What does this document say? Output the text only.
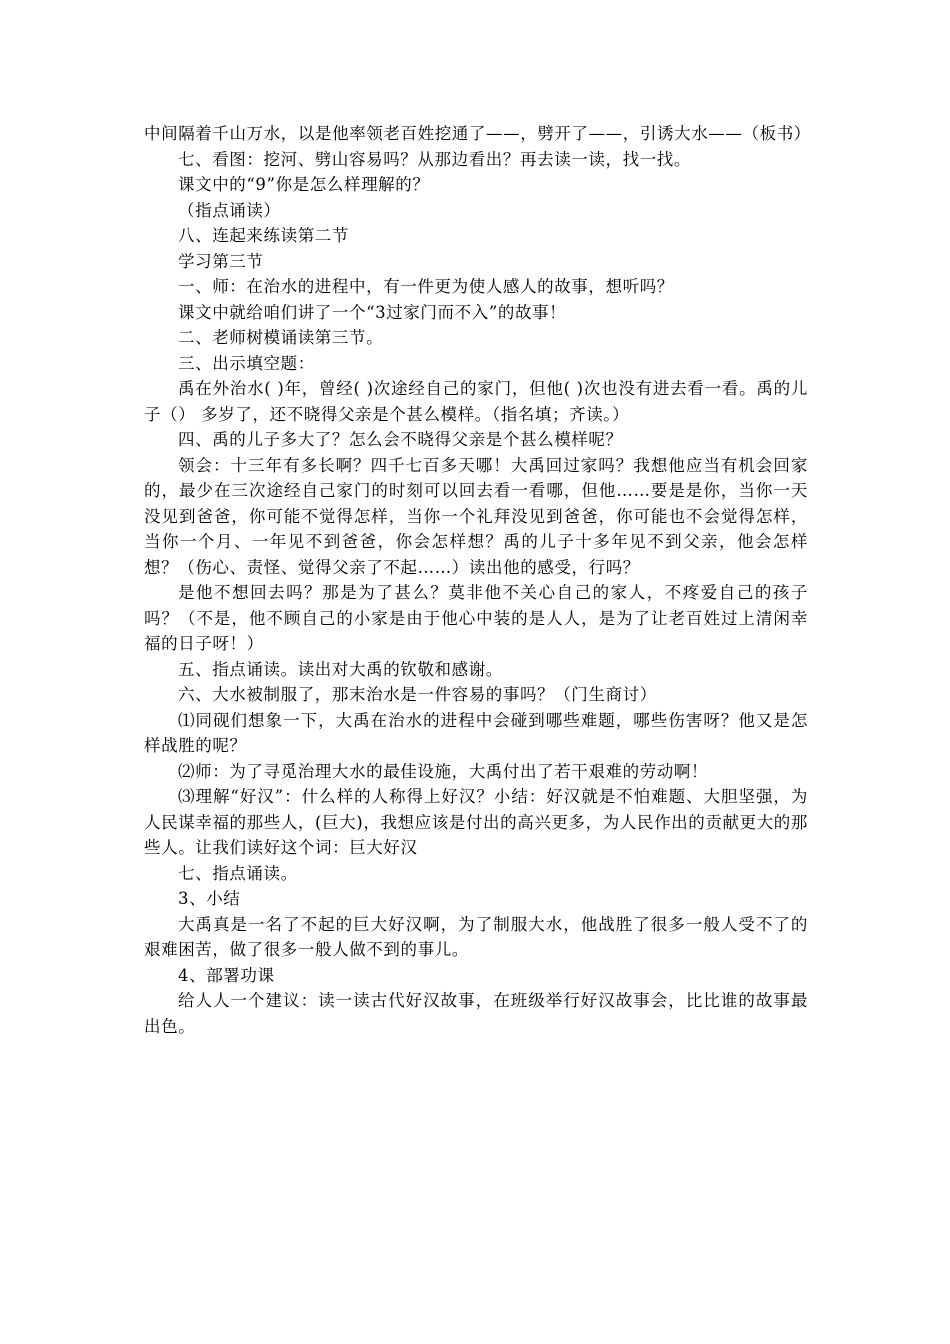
中间隔着千山万水，以是他率领老百姓挖通了——，劈开了——，引诱大水——（板书）

七、看图：挖河、劈山容易吗？从那边看出？再去读一读，找一找。

课文中的“9”你是怎么样理解的？

（指点诵读）

八、连起来练读第二节

学习第三节

一、师：在治水的进程中，有一件更为使人感人的故事，想听吗？

课文中就给咱们讲了一个“3过家门而不入”的故事！

二、老师树模诵读第三节。

三、出示填空题：

禹在外治水( )年，曾经( )次途经自己的家门，但他( )次也没有进去看一看。禹的儿子（） 多岁了，还不晓得父亲是个甚么模样。（指名填；齐读。）

四、禹的儿子多大了？怎么会不晓得父亲是个甚么模样呢？

领会：十三年有多长啊？四千七百多天哪！大禹回过家吗？我想他应当有机会回家的，最少在三次途经自己家门的时刻可以回去看一看哪，但他……要是是你，当你一天没见到爸爸，你可能不觉得怎样，当你一个礼拜没见到爸爸，你可能也不会觉得怎样，当你一个月、一年见不到爸爸，你会怎样想？禹的儿子十多年见不到父亲，他会怎样想？（伤心、责怪、觉得父亲了不起……）读出他的感受，行吗？

是他不想回去吗？那是为了甚么？莫非他不关心自己的家人，不疼爱自己的孩子吗？（不是，他不顾自己的小家是由于他心中装的是人人，是为了让老百姓过上清闲幸福的日子呀！）

五、指点诵读。读出对大禹的钦敬和感谢。

六、大水被制服了，那末治水是一件容易的事吗？（门生商讨）

⑴同砚们想象一下，大禹在治水的进程中会碰到哪些难题，哪些伤害呀？他又是怎样战胜的呢？

⑵师：为了寻觅治理大水的最佳设施，大禹付出了若干艰难的劳动啊！

⑶理解“好汉”：什么样的人称得上好汉？小结：好汉就是不怕难题、大胆坚强，为人民谋幸福的那些人，(巨大)，我想应该是付出的高兴更多，为人民作出的贡献更大的那些人。让我们读好这个词：巨大好汉

七、指点诵读。

3、小结

大禹真是一名了不起的巨大好汉啊，为了制服大水，他战胜了很多一般人受不了的艰难困苦，做了很多一般人做不到的事儿。

4、部署功课

给人人一个建议：读一读古代好汉故事，在班级举行好汉故事会，比比谁的故事最出色。
